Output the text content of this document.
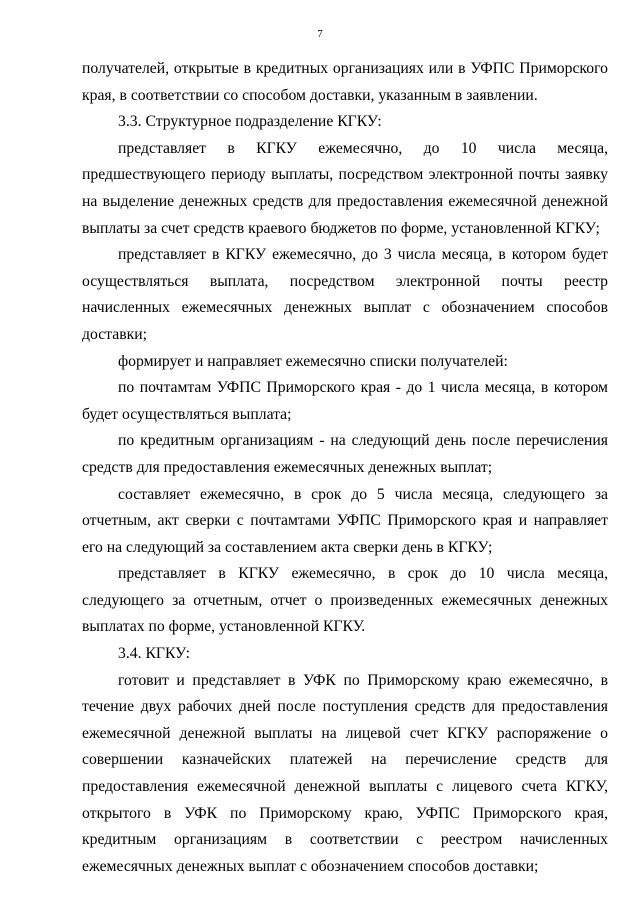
7

получателей, открытые в кредитных организациях или в УФПС Приморского края, в соответствии со способом доставки, указанным в заявлении.

3.3. Структурное подразделение КГКУ:

представляет в КГКУ ежемесячно, до 10 числа месяца, предшествующего периоду выплаты, посредством электронной почты заявку на выделение денежных средств для предоставления ежемесячной денежной выплаты за счет средств краевого бюджетов по форме, установленной КГКУ;

представляет в КГКУ ежемесячно, до 3 числа месяца, в котором будет осуществляться выплата, посредством электронной почты реестр начисленных ежемесячных денежных выплат с обозначением способов доставки;

формирует и направляет ежемесячно списки получателей:

по почтамтам УФПС Приморского края - до 1 числа месяца, в котором будет осуществляться выплата;

по кредитным организациям - на следующий день после перечисления средств для предоставления ежемесячных денежных выплат;

составляет ежемесячно, в срок до 5 числа месяца, следующего за отчетным, акт сверки с почтамтами УФПС Приморского края и направляет его на следующий за составлением акта сверки день в КГКУ;

представляет в КГКУ ежемесячно, в срок до 10 числа месяца, следующего за отчетным, отчет о произведенных ежемесячных денежных выплатах по форме, установленной КГКУ.

3.4. КГКУ:

готовит и представляет в УФК по Приморскому краю ежемесячно, в течение двух рабочих дней после поступления средств для предоставления ежемесячной денежной выплаты на лицевой счет КГКУ распоряжение о совершении казначейских платежей на перечисление средств для предоставления ежемесячной денежной выплаты с лицевого счета КГКУ, открытого в УФК по Приморскому краю, УФПС Приморского края, кредитным организациям в соответствии с реестром начисленных ежемесячных денежных выплат с обозначением способов доставки;
